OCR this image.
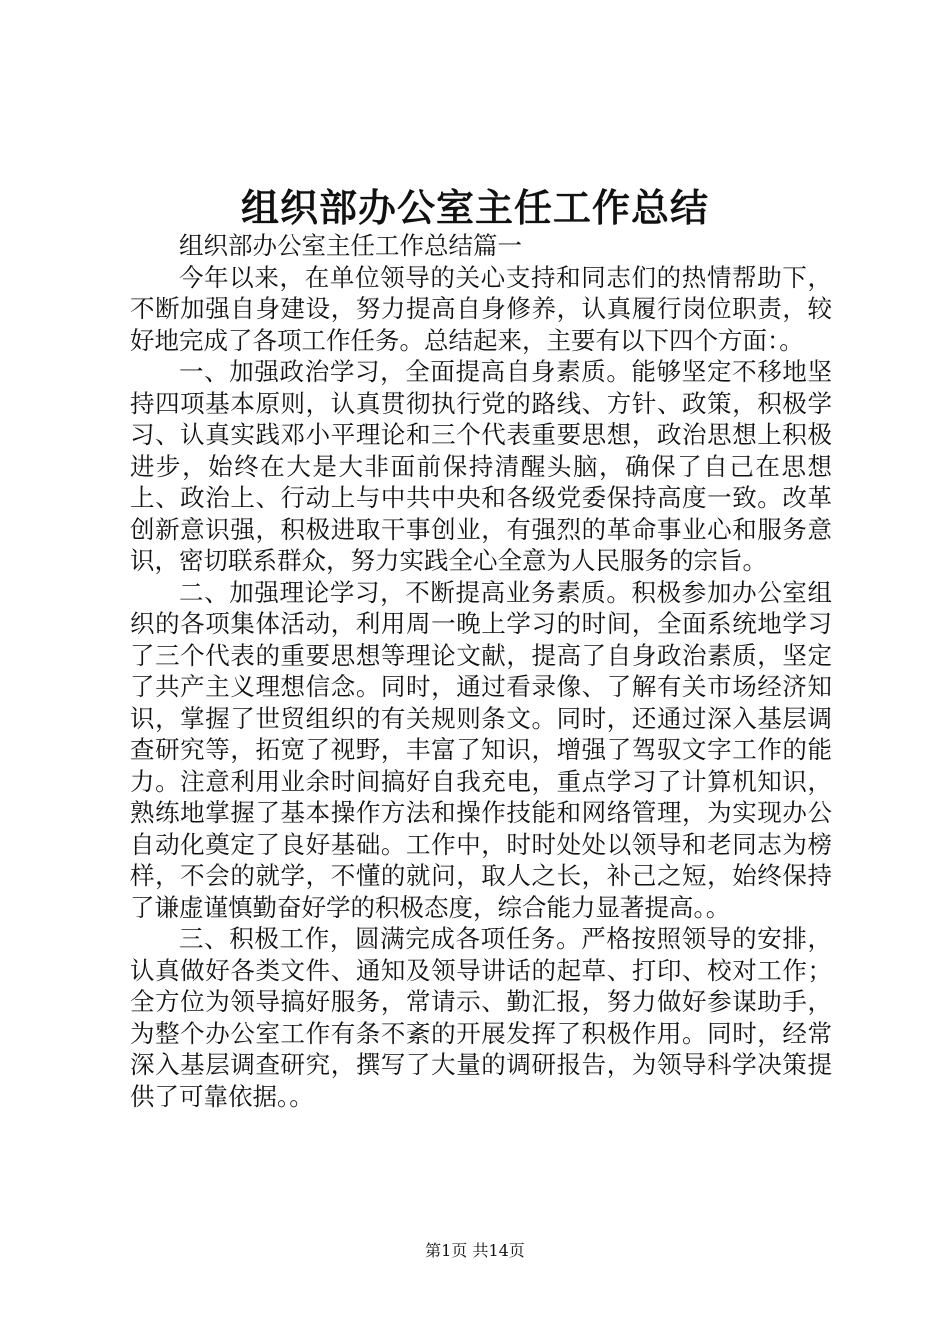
组织部办公室主任工作总结

组织部办公室主任工作总结篇一

今年以来，在单位领导的关心支持和同志们的热情帮助下，不断加强自身建设，努力提高自身修养，认真履行岗位职责，较好地完成了各项工作任务。总结起来，主要有以下四个方面：。

一、加强政治学习，全面提高自身素质。能够坚定不移地坚持四项基本原则，认真贯彻执行党的路线、方针、政策，积极学习、认真实践邓小平理论和三个代表重要思想，政治思想上积极进步，始终在大是大非面前保持清醒头脑，确保了自己在思想上、政治上、行动上与中共中央和各级党委保持高度一致。改革创新意识强，积极进取干事创业，有强烈的革命事业心和服务意识，密切联系群众，努力实践全心全意为人民服务的宗旨。

二、加强理论学习，不断提高业务素质。积极参加办公室组织的各项集体活动，利用周一晚上学习的时间，全面系统地学习了三个代表的重要思想等理论文献，提高了自身政治素质，坚定了共产主义理想信念。同时，通过看录像、了解有关市场经济知识，掌握了世贸组织的有关规则条文。同时，还通过深入基层调查研究等，拓宽了视野，丰富了知识，增强了驾驭文字工作的能力。注意利用业余时间搞好自我充电，重点学习了计算机知识，熟练地掌握了基本操作方法和操作技能和网络管理，为实现办公自动化奠定了良好基础。工作中，时时处处以领导和老同志为榜样，不会的就学，不懂的就问，取人之长，补己之短，始终保持了谦虚谨慎勤奋好学的积极态度，综合能力显著提高。。

三、积极工作，圆满完成各项任务。严格按照领导的安排，认真做好各类文件、通知及领导讲话的起草、打印、校对工作；全方位为领导搞好服务，常请示、勤汇报，努力做好参谋助手，为整个办公室工作有条不紊的开展发挥了积极作用。同时，经常深入基层调查研究，撰写了大量的调研报告，为领导科学决策提供了可靠依据。。

第1页 共14页
